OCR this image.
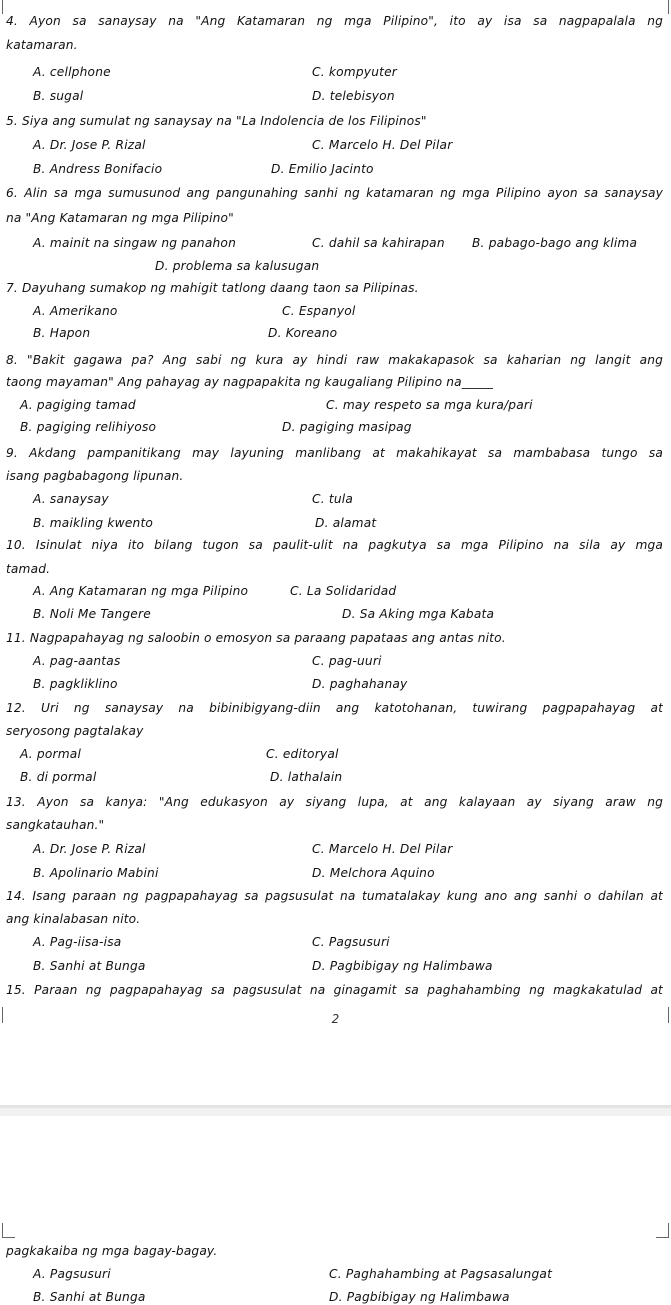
4. Ayon sa sanaysay na "Ang Katamaran ng mga Pilipino", ito ay isa sa nagpapalala ng
katamaran.
A. cellphone	C. kompyuter
B. sugal	D. telebisyon
5. Siya ang sumulat ng sanaysay na "La Indolencia de los Filipinos"
A. Dr. Jose P. Rizal	C. Marcelo H. Del Pilar
B. Andress Bonifacio	D. Emilio Jacinto
6. Alin sa mga sumusunod ang pangunahing sanhi ng katamaran ng mga Pilipino ayon sa sanaysay
na "Ang Katamaran ng mga Pilipino"
A. mainit na singaw ng panahon	C. dahil sa kahirapan B. pabago-bago ang klima
D. problema sa kalusugan
7. Dayuhang sumakop ng mahigit tatlong daang taon sa Pilipinas.
A. Amerikano	C. Espanyol
B. Hapon	D. Koreano
8. "Bakit gagawa pa? Ang sabi ng kura ay hindi raw makakapasok sa kaharian ng langit ang
taong mayaman" Ang pahayag ay nagpapakita ng kaugaliang Pilipino na_____
A. pagiging tamad	C. may respeto sa mga kura/pari
B. pagiging relihiyoso	D. pagiging masipag
9. Akdang pampanitikang may layuning manlibang at makahikayat sa mambabasa tungo sa
isang pagbabagong lipunan.
A. sanaysay	C. tula
B. maikling kwento	D. alamat
10. Isinulat niya ito bilang tugon sa paulit-ulit na pagkutya sa mga Pilipino na sila ay mga
tamad.
A. Ang Katamaran ng mga Pilipino	C. La Solidaridad
B. Noli Me Tangere	D. Sa Aking mga Kabata
11. Nagpapahayag ng saloobin o emosyon sa paraang papataas ang antas nito.
A. pag-aantas	C. pag-uuri
B. pagkliklino	D. paghahanay
12. Uri ng sanaysay na bibinibigyang-diin ang katotohanan, tuwirang pagpapahayag at
seryosong pagtalakay
A. pormal	C. editoryal
B. di pormal	D. lathalain
13. Ayon sa kanya: "Ang edukasyon ay siyang lupa, at ang kalayaan ay siyang araw ng
sangkatauhan."
A. Dr. Jose P. Rizal	C. Marcelo H. Del Pilar
B. Apolinario Mabini	D. Melchora Aquino
14. Isang paraan ng pagpapahayag sa pagsusulat na tumatalakay kung ano ang sanhi o dahilan at
ang kinalabasan nito.
A. Pag-iisa-isa	C. Pagsusuri
B. Sanhi at Bunga	D. Pagbibigay ng Halimbawa
15. Paraan ng pagpapahayag sa pagsusulat na ginagamit sa paghahambing ng magkakatulad at
2
pagkakaiba ng mga bagay-bagay.
A. Pagsusuri	C. Paghahambing at Pagsasalungat
B. Sanhi at Bunga	D. Pagbibigay ng Halimbawa
